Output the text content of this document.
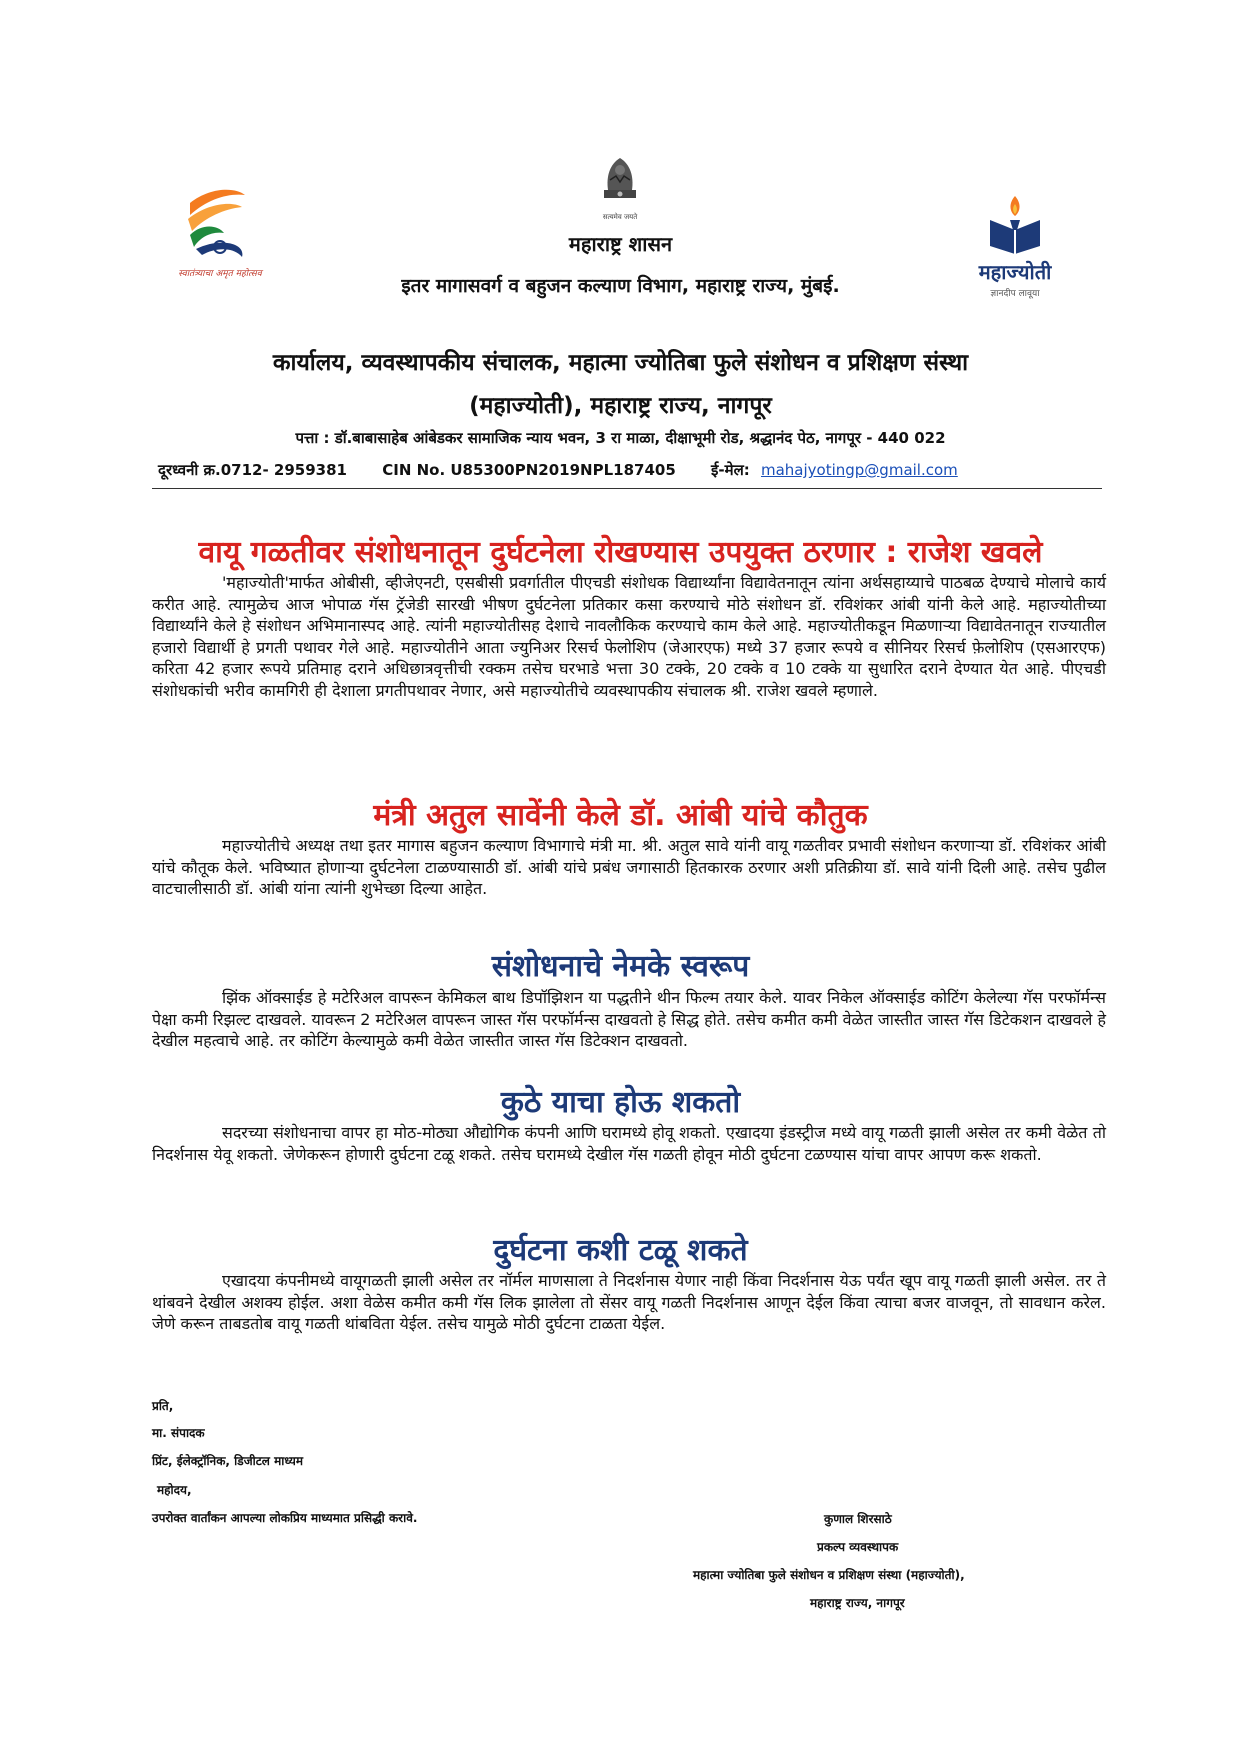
स्वातंत्र्याचा अमृत महोत्सव
सत्यमेव जयते
महाज्योती
ज्ञानदीप लावूया
महाराष्ट्र शासन
इतर मागासवर्ग व बहुजन कल्याण विभाग, महाराष्ट्र राज्य, मुंबई.
कार्यालय, व्यवस्थापकीय संचालक, महात्मा ज्योतिबा फुले संशोधन व प्रशिक्षण संस्था
(महाज्योती), महाराष्ट्र राज्य, नागपूर
पत्ता : डॉ.बाबासाहेब आंबेडकर सामाजिक न्याय भवन, 3 रा माळा, दीक्षाभूमी रोड, श्रद्धानंद पेठ, नागपूर - 440 022
दूरध्वनी क्र.0712- 2959381 CIN No. U85300PN2019NPL187405 ई-मेल: mahajyotingp@gmail.com
वायू गळतीवर संशोधनातून दुर्घटनेला रोखण्यास उपयुक्त ठरणार : राजेश खवले
'महाज्योती'मार्फत ओबीसी, व्हीजेएनटी, एसबीसी प्रवर्गातील पीएचडी संशोधक विद्यार्थ्यांना विद्यावेतनातून त्यांना अर्थसहाय्याचे पाठबळ देण्याचे मोलाचे कार्य करीत आहे. त्यामुळेच आज भोपाळ गॅस ट्रॅजेडी सारखी भीषण दुर्घटनेला प्रतिकार कसा करण्याचे मोठे संशोधन डॉ. रविशंकर आंबी यांनी केले आहे. महाज्योतीच्या विद्यार्थ्यांने केले हे संशोधन अभिमानास्पद आहे. त्यांनी महाज्योतीसह देशाचे नावलौकिक करण्याचे काम केले आहे. महाज्योतीकडून मिळणाऱ्या विद्यावेतनातून राज्यातील हजारो विद्यार्थी हे प्रगती पथावर गेले आहे. महाज्योतीने आता ज्युनिअर रिसर्च फेलोशिप (जेआरएफ) मध्ये 37 हजार रूपये व सीनियर रिसर्च फ़ेलोशिप (एसआरएफ) करिता 42 हजार रूपये प्रतिमाह दराने अधिछात्रवृत्तीची रक्कम तसेच घरभाडे भत्ता 30 टक्के, 20 टक्के व 10 टक्के या सुधारित दराने देण्यात येत आहे. पीएचडी संशोधकांची भरीव कामगिरी ही देशाला प्रगतीपथावर नेणार, असे महाज्योतीचे व्यवस्थापकीय संचालक श्री. राजेश खवले म्हणाले.
मंत्री अतुल सावेंनी केले डॉ. आंबी यांचे कौतुक
महाज्योतीचे अध्यक्ष तथा इतर मागास बहुजन कल्याण विभागाचे मंत्री मा. श्री. अतुल सावे यांनी वायू गळतीवर प्रभावी संशोधन करणाऱ्या डॉ. रविशंकर आंबी यांचे कौतूक केले. भविष्यात होणाऱ्या दुर्घटनेला टाळण्यासाठी डॉ. आंबी यांचे प्रबंध जगासाठी हितकारक ठरणार अशी प्रतिक्रीया डॉ. सावे यांनी दिली आहे. तसेच पुढील वाटचालीसाठी डॉ. आंबी यांना त्यांनी शुभेच्छा दिल्या आहेत.
संशोधनाचे नेमके स्वरूप
झिंक ऑक्साईड हे मटेरिअल वापरून केमिकल बाथ डिपॉझिशन या पद्धतीने थीन फिल्म तयार केले. यावर निकेल ऑक्साईड कोटिंग केलेल्या गॅस परफॉर्मन्स पेक्षा कमी रिझल्ट दाखवले. यावरून 2 मटेरिअल वापरून जास्त गॅस परफॉर्मन्स दाखवतो हे सिद्ध होते. तसेच कमीत कमी वेळेत जास्तीत जास्त गॅस डिटेकशन दाखवले हे देखील महत्वाचे आहे. तर कोटिंग केल्यामुळे कमी वेळेत जास्तीत जास्त गॅस डिटेक्शन दाखवतो.
कुठे याचा होऊ शकतो
सदरच्या संशोधनाचा वापर हा मोठ-मोठ्या औद्योगिक कंपनी आणि घरामध्ये होवू शकतो. एखादया इंडस्ट्रीज मध्ये वायू गळती झाली असेल तर कमी वेळेत तो निदर्शनास येवू शकतो. जेणेकरून होणारी दुर्घटना टळू शकते. तसेच घरामध्ये देखील गॅस गळती होवून मोठी दुर्घटना टळण्यास यांचा वापर आपण करू शकतो.
दुर्घटना कशी टळू शकते
एखादया कंपनीमध्ये वायूगळती झाली असेल तर नॉर्मल माणसाला ते निदर्शनास येणार नाही किंवा निदर्शनास येऊ पर्यंत खूप वायू गळती झाली असेल. तर ते थांबवने देखील अशक्य होईल. अशा वेळेस कमीत कमी गॅस लिक झालेला तो सेंसर वायू गळती निदर्शनास आणून देईल किंवा त्याचा बजर वाजवून, तो सावधान करेल. जेणे करून ताबडतोब वायू गळती थांबविता येईल. तसेच यामुळे मोठी दुर्घटना टाळता येईल.
प्रति,
मा. संपादक
प्रिंट, ईलेक्ट्रॉनिक, डिजीटल माध्यम
महोदय,
उपरोक्त वार्तांकन आपल्या लोकप्रिय माध्यमात प्रसिद्धी करावे.	कुणाल शिरसाठे
प्रकल्प व्यवस्थापक
महात्मा ज्योतिबा फुले संशोधन व प्रशिक्षण संस्था (महाज्योती),
महाराष्ट्र राज्य, नागपूर
